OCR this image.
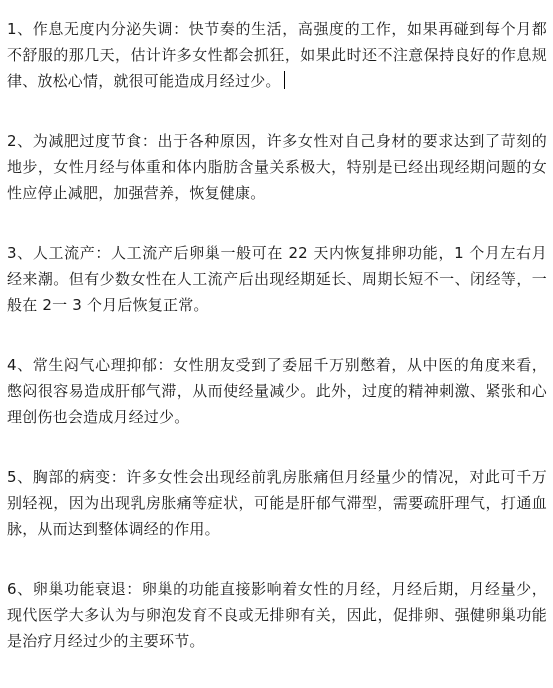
1、作息无度内分泌失调：快节奏的生活，高强度的工作，如果再碰到每个月都不舒服的那几天，估计许多女性都会抓狂，如果此时还不注意保持良好的作息规律、放松心情，就很可能造成月经过少。

2、为减肥过度节食：出于各种原因，许多女性对自己身材的要求达到了苛刻的地步，女性月经与体重和体内脂肪含量关系极大，特别是已经出现经期问题的女性应停止减肥，加强营养，恢复健康。

3、人工流产：人工流产后卵巢一般可在 22 天内恢复排卵功能，1 个月左右月经来潮。但有少数女性在人工流产后出现经期延长、周期长短不一、闭经等，一般在 2一 3 个月后恢复正常。

4、常生闷气心理抑郁：女性朋友受到了委屈千万别憋着，从中医的角度来看，憋闷很容易造成肝郁气滞，从而使经量减少。此外，过度的精神刺激、紧张和心理创伤也会造成月经过少。

5、胸部的病变：许多女性会出现经前乳房胀痛但月经量少的情况，对此可千万别轻视，因为出现乳房胀痛等症状，可能是肝郁气滞型，需要疏肝理气，打通血脉，从而达到整体调经的作用。

6、卵巢功能衰退：卵巢的功能直接影响着女性的月经，月经后期，月经量少，现代医学大多认为与卵泡发育不良或无排卵有关，因此，促排卵、强健卵巢功能是治疗月经过少的主要环节。
